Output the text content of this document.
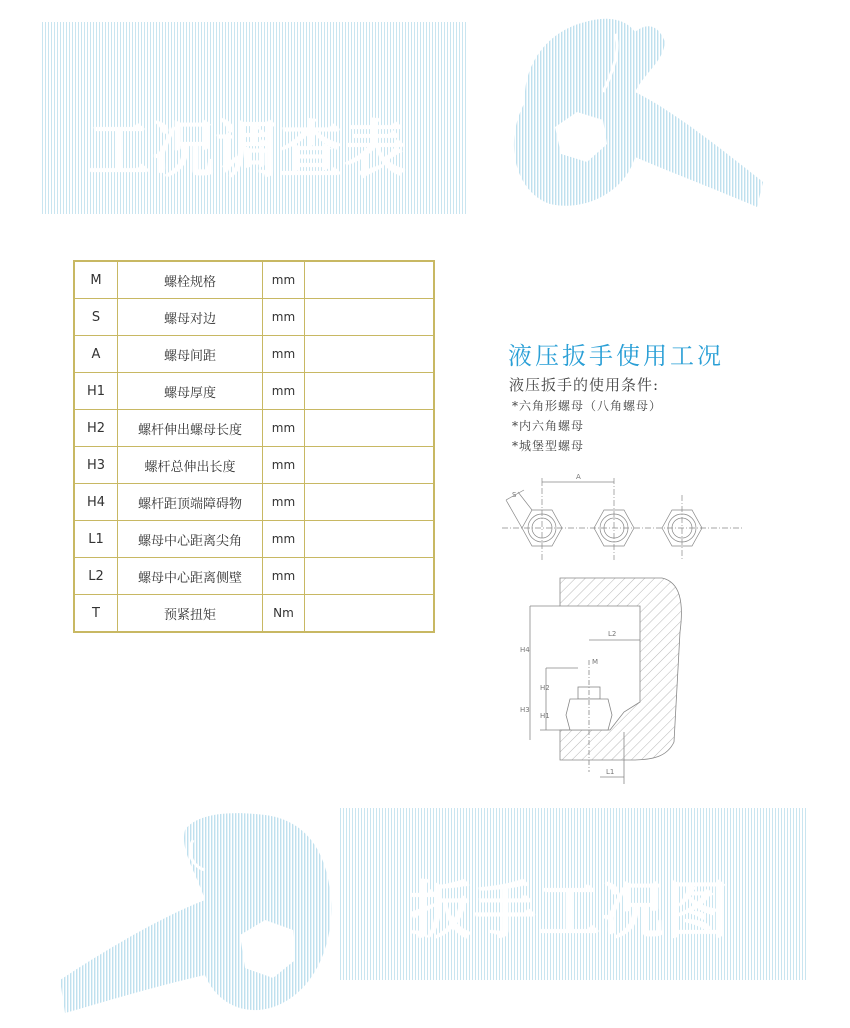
工况调查表
M	螺栓规格	mm	
S	螺母对边	mm	
A	螺母间距	mm	
H1	螺母厚度	mm	
H2	螺杆伸出螺母长度	mm	
H3	螺杆总伸出长度	mm	
H4	螺杆距顶端障碍物	mm	
L1	螺母中心距离尖角	mm	
L2	螺母中心距离侧壁	mm	
T	预紧扭矩	Nm	
液压扳手使用工况
液压扳手的使用条件:
*六角形螺母（八角螺母）
*内六角螺母
*城堡型螺母
A
S
H4
H3
H2
H1
M
L2
L1
扳手工况图
